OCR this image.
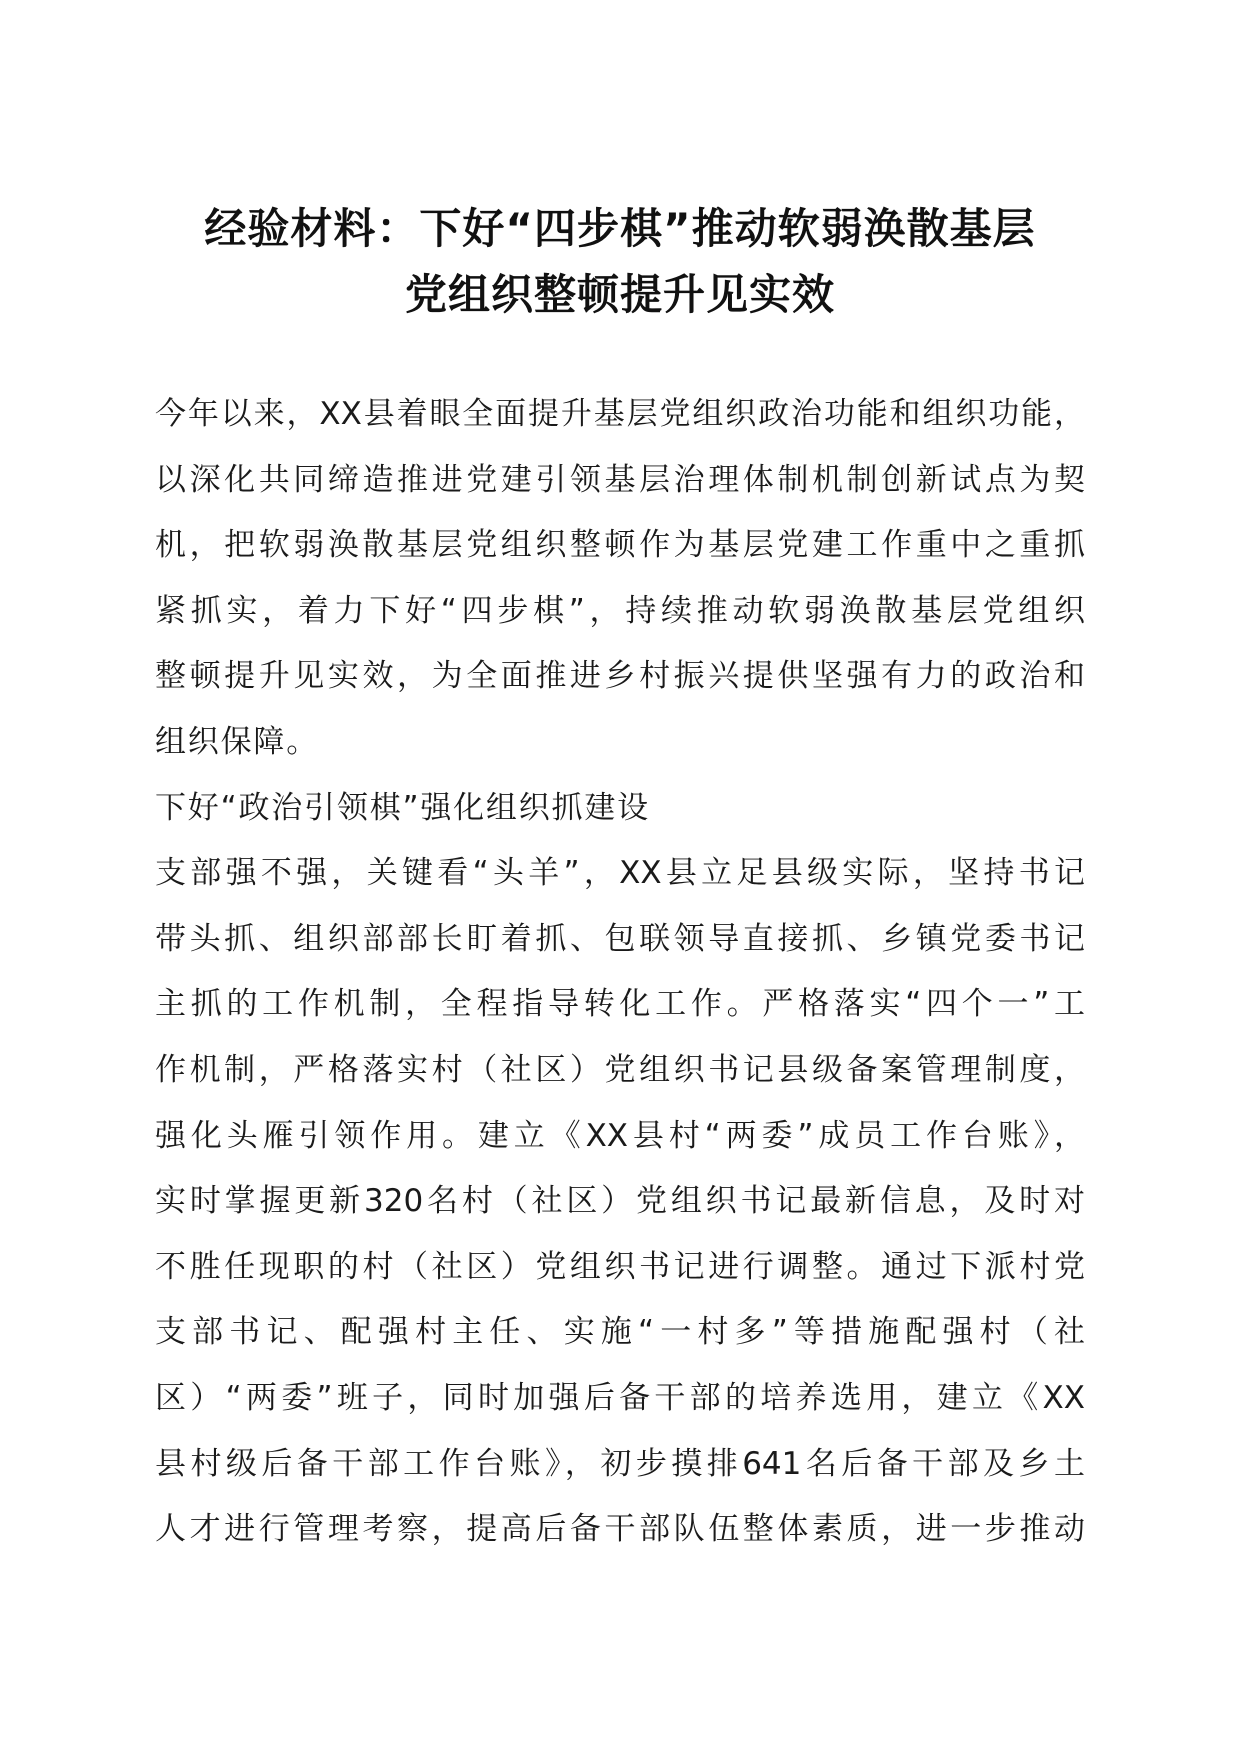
经验材料：下好“四步棋”推动软弱涣散基层
党组织整顿提升见实效
今年以来，XX县着眼全面提升基层党组织政治功能和组织功能，
以深化共同缔造推进党建引领基层治理体制机制创新试点为契
机，把软弱涣散基层党组织整顿作为基层党建工作重中之重抓
紧抓实，着力下好“四步棋”，持续推动软弱涣散基层党组织
整顿提升见实效，为全面推进乡村振兴提供坚强有力的政治和
组织保障。
下好“政治引领棋”强化组织抓建设
支部强不强，关键看“头羊”，XX县立足县级实际，坚持书记
带头抓、组织部部长盯着抓、包联领导直接抓、乡镇党委书记
主抓的工作机制，全程指导转化工作。严格落实“四个一”工
作机制，严格落实村（社区）党组织书记县级备案管理制度，
强化头雁引领作用。建立《XX县村“两委”成员工作台账》，
实时掌握更新320名村（社区）党组织书记最新信息，及时对
不胜任现职的村（社区）党组织书记进行调整。通过下派村党
支部书记、配强村主任、实施“一村多”等措施配强村（社
区）“两委”班子，同时加强后备干部的培养选用，建立《XX
县村级后备干部工作台账》，初步摸排641名后备干部及乡土
人才进行管理考察，提高后备干部队伍整体素质，进一步推动
